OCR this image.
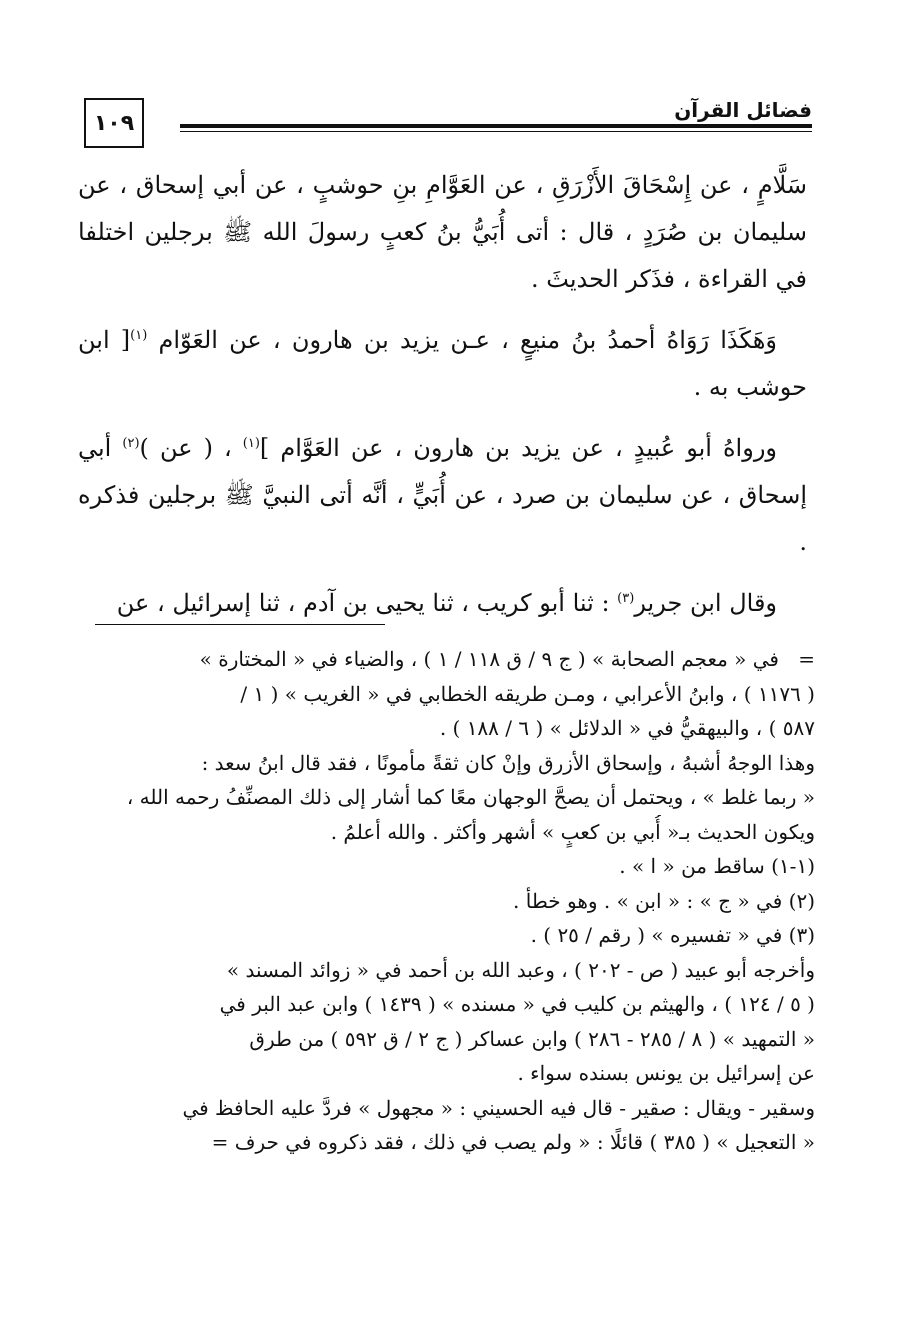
١٠٩
فضائل القرآن

سَلَّامٍ ، عن إِسْحَاقَ الأَزْرَقِ ، عن العَوَّامِ بنِ حوشبٍ ، عن أبي إسحاق ، عن سليمان بن صُرَدٍ ، قال : أتى أُبَيُّ بنُ كعبٍ رسولَ الله ﷺ برجلين اختلفا في القراءة ، فذَكر الحديثَ .

وَهَكَذَا رَوَاهُ أحمدُ بنُ منيعٍ ، عـن يزيد بن هارون ، عن العَوّام $^{(١)}$[ ابن حوشب به .

ورواهُ أبو عُبيدٍ ، عن يزيد بن هارون ، عن العَوَّام ]$^{(١)}$ ، ( عن )$^{(٢)}$ أبي إسحاق ، عن سليمان بن صرد ، عن أُبَيٍّ ، أنَّه أتى النبيَّ ﷺ برجلين فذكره .

وقال ابن جرير$^{(٣)}$ : ثنا أبو كريب ، ثنا يحيى بن آدم ، ثنا إسرائيل ، عن

=في « معجم الصحابة » ( ج ٩ / ق ١١٨ / ١ ) ، والضياء في « المختارة »

( ١١٧٦ ) ، وابنُ الأعرابي ، ومـن طريقه الخطابي في « الغريب » ( ١ /

٥٨٧ ) ، والبيهقيُّ في « الدلائل » ( ٦ / ١٨٨ ) .

وهذا الوجهُ أشبهُ ، وإسحاق الأزرق وإنْ كان ثقةً مأمونًا ، فقد قال ابنُ سعد :

« ربما غلط » ، ويحتمل أن يصحَّ الوجهان معًا كما أشار إلى ذلك المصنِّفُ رحمه الله ،

ويكون الحديث بـ« أُبي بن كعبٍ » أشهر وأكثر . والله أعلمُ .

(١-١) ساقط من « ا » .

(٢) في « ج » : « ابن » . وهو خطأ .

(٣) في « تفسيره » ( رقم / ٢٥ ) .

وأخرجه أبو عبيد ( ص - ٢٠٢ ) ، وعبد الله بن أحمد في « زوائد المسند »

( ٥ / ١٢٤ ) ، والهيثم بن كليب في « مسنده » ( ١٤٣٩ ) وابن عبد البر في

« التمهيد » ( ٨ / ٢٨٥ - ٢٨٦ ) وابن عساكر ( ج ٢ / ق ٥٩٢ ) من طرق

عن إسرائيل بن يونس بسنده سواء .

وسقير - ويقال : صقير - قال فيه الحسيني : « مجهول » فردَّ عليه الحافظ في

« التعجيل » ( ٣٨٥ ) قائلًا : « ولم يصب في ذلك ، فقد ذكروه في حرف =
